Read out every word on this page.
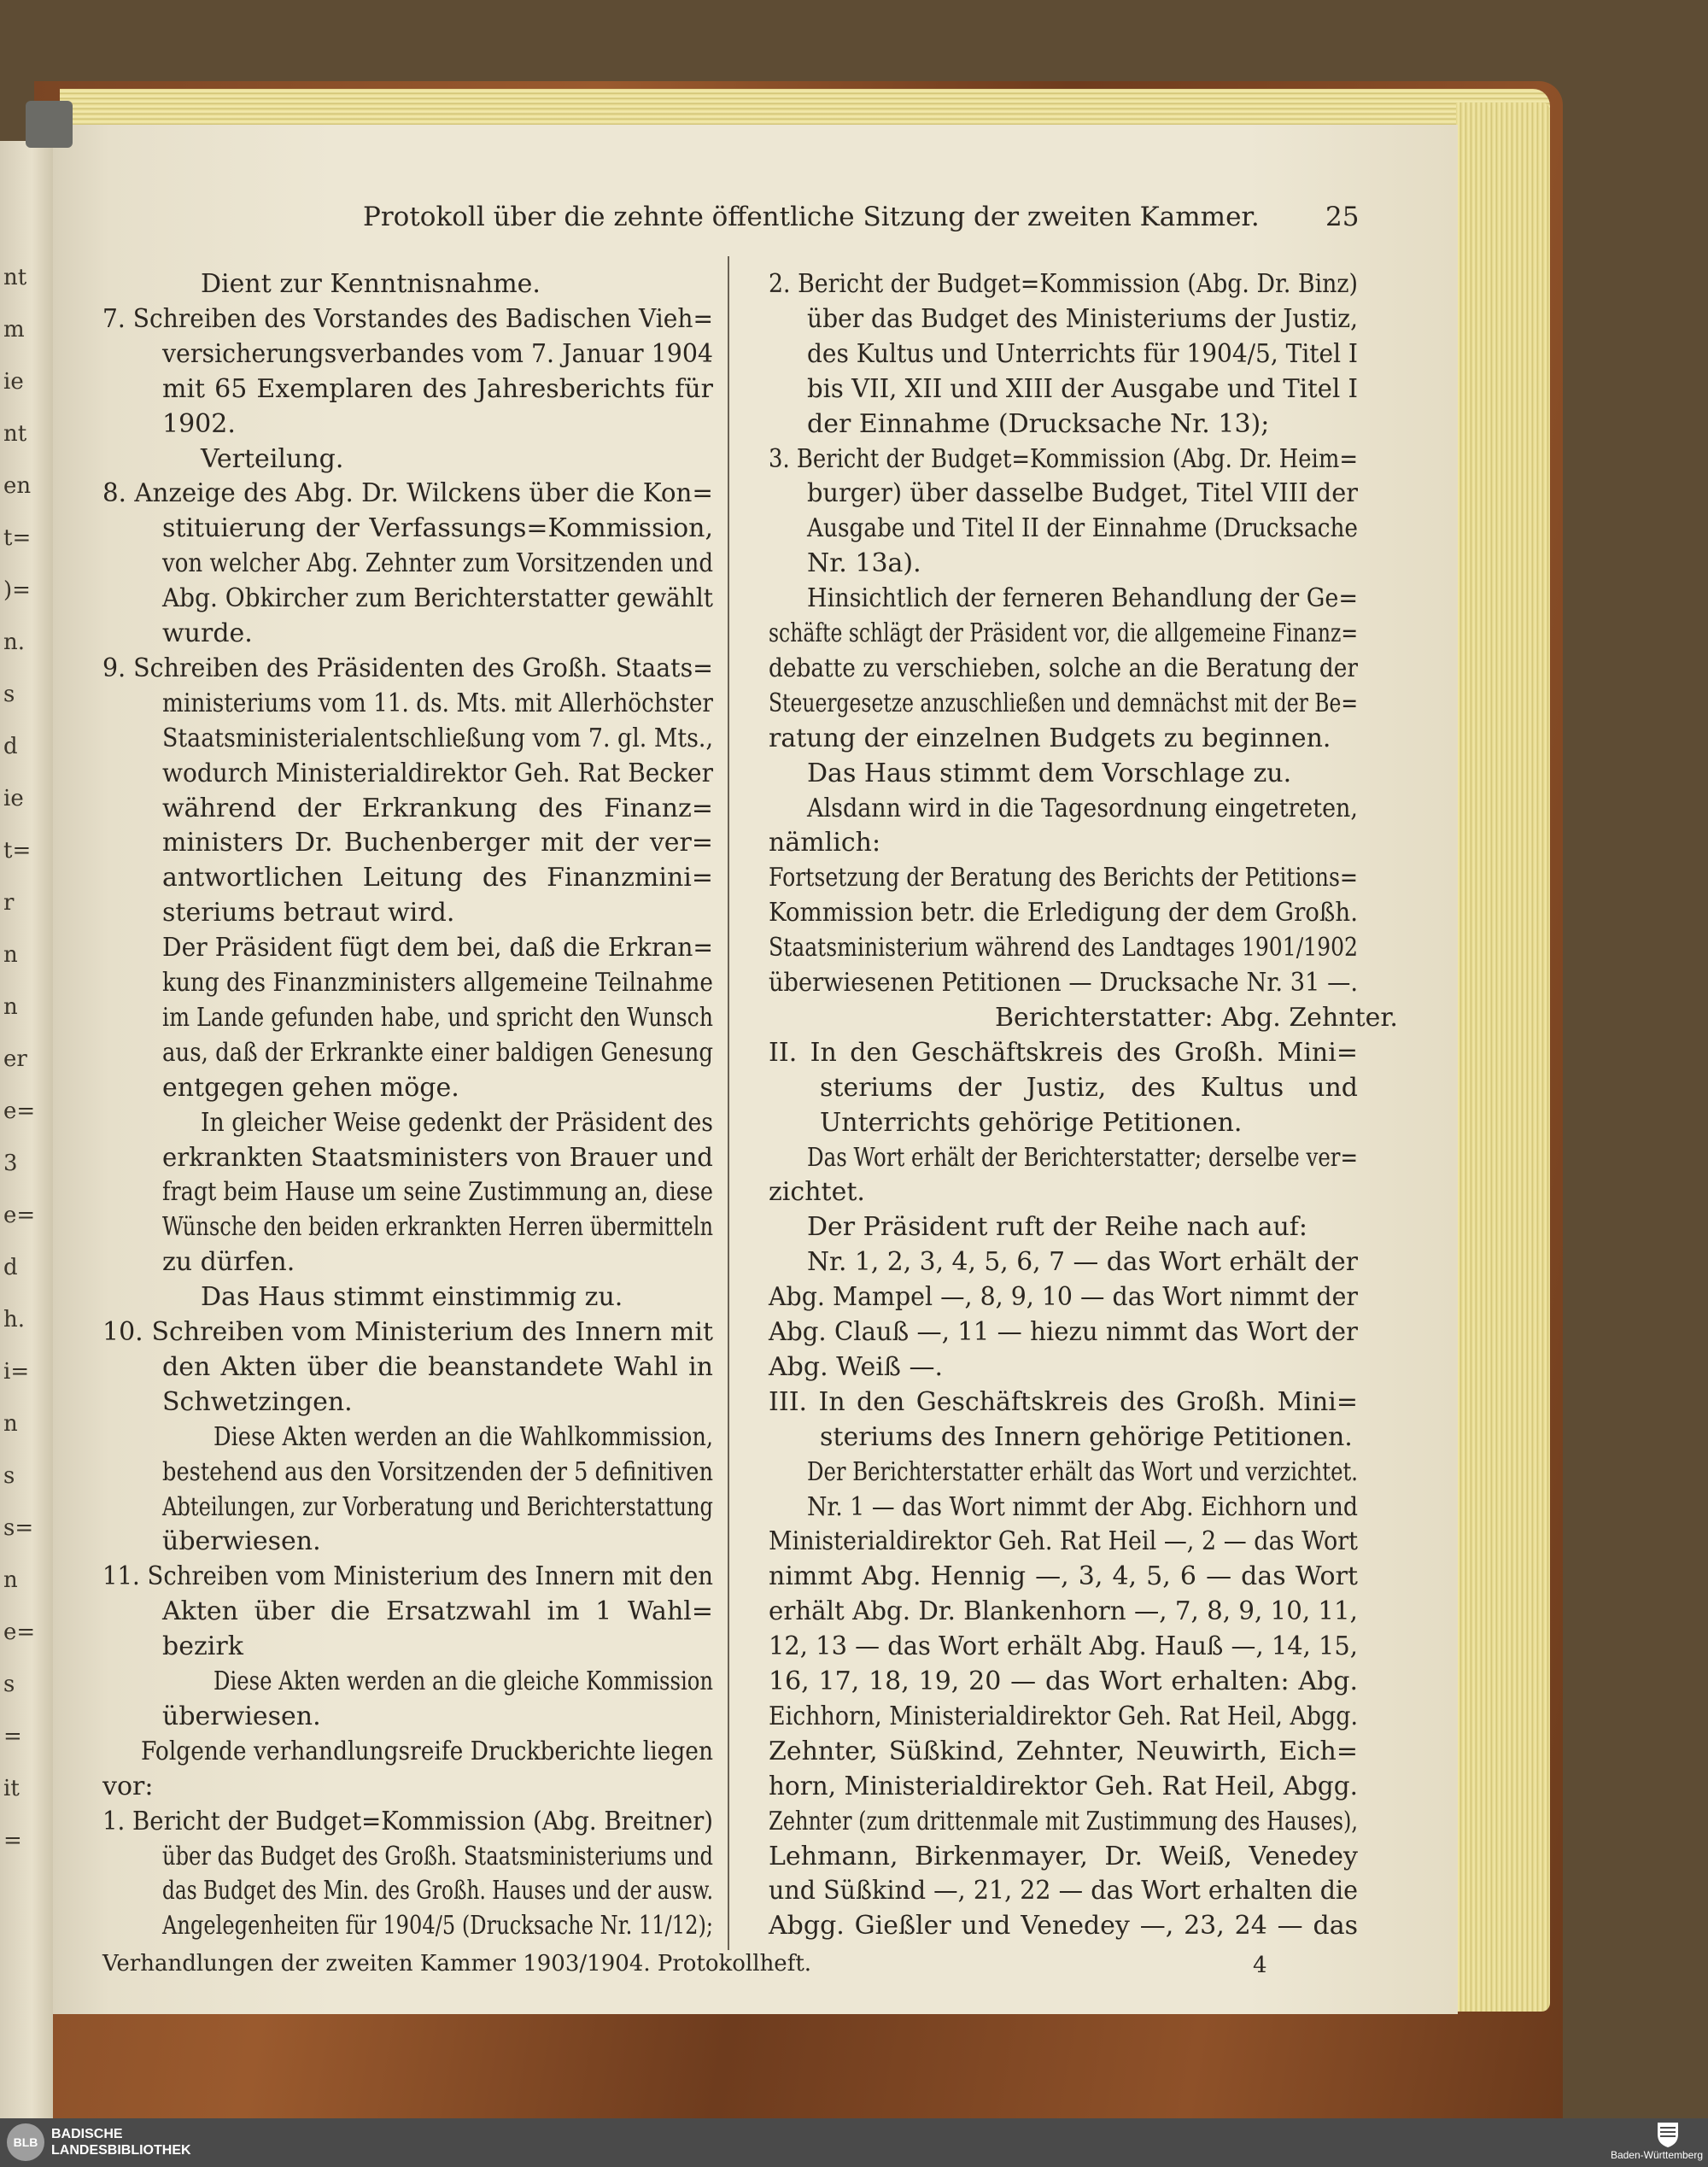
nt
m
ie
nt
en
t=
)=
n.
s
d
ie
t=
r
n
n
er
e=
3
e=
d
h.
i=
n
s
s=
n
e=
s
=
it
=
Protokoll über die zehnte öffentliche Sitzung der zweiten Kammer. 25
Dient zur Kenntnisnahme.
7. Schreiben des Vorstandes des Badischen Vieh=
versicherungsverbandes vom 7. Januar 1904
mit 65 Exemplaren des Jahresberichts für
1902.
Verteilung.
8. Anzeige des Abg. Dr. Wilckens über die Kon=
stituierung der Verfassungs=Kommission,
von welcher Abg. Zehnter zum Vorsitzenden und
Abg. Obkircher zum Berichterstatter gewählt
wurde.
9. Schreiben des Präsidenten des Großh. Staats=
ministeriums vom 11. ds. Mts. mit Allerhöchster
Staatsministerialentschließung vom 7. gl. Mts.,
wodurch Ministerialdirektor Geh. Rat Becker
während der Erkrankung des Finanz=
ministers Dr. Buchenberger mit der ver=
antwortlichen Leitung des Finanzmini=
steriums betraut wird.
Der Präsident fügt dem bei, daß die Erkran=
kung des Finanzministers allgemeine Teilnahme
im Lande gefunden habe, und spricht den Wunsch
aus, daß der Erkrankte einer baldigen Genesung
entgegen gehen möge.
In gleicher Weise gedenkt der Präsident des
erkrankten Staatsministers von Brauer und
fragt beim Hause um seine Zustimmung an, diese
Wünsche den beiden erkrankten Herren übermitteln
zu dürfen.
Das Haus stimmt einstimmig zu.
10. Schreiben vom Ministerium des Innern mit
den Akten über die beanstandete Wahl in
Schwetzingen.
Diese Akten werden an die Wahlkommission,
bestehend aus den Vorsitzenden der 5 definitiven
Abteilungen, zur Vorberatung und Berichterstattung
überwiesen.
11. Schreiben vom Ministerium des Innern mit den
Akten über die Ersatzwahl im 1 Wahl=
bezirk
Diese Akten werden an die gleiche Kommission
überwiesen.
Folgende verhandlungsreife Druckberichte liegen
vor:
1. Bericht der Budget=Kommission (Abg. Breitner)
über das Budget des Großh. Staatsministeriums und
das Budget des Min. des Großh. Hauses und der ausw.
Angelegenheiten für 1904/5 (Drucksache Nr. 11/12);
2. Bericht der Budget=Kommission (Abg. Dr. Binz)
über das Budget des Ministeriums der Justiz,
des Kultus und Unterrichts für 1904/5, Titel I
bis VII, XII und XIII der Ausgabe und Titel I
der Einnahme (Drucksache Nr. 13);
3. Bericht der Budget=Kommission (Abg. Dr. Heim=
burger) über dasselbe Budget, Titel VIII der
Ausgabe und Titel II der Einnahme (Drucksache
Nr. 13a).
Hinsichtlich der ferneren Behandlung der Ge=
schäfte schlägt der Präsident vor, die allgemeine Finanz=
debatte zu verschieben, solche an die Beratung der
Steuergesetze anzuschließen und demnächst mit der Be=
ratung der einzelnen Budgets zu beginnen.
Das Haus stimmt dem Vorschlage zu.
Alsdann wird in die Tagesordnung eingetreten,
nämlich:
Fortsetzung der Beratung des Berichts der Petitions=
Kommission betr. die Erledigung der dem Großh.
Staatsministerium während des Landtages 1901/1902
überwiesenen Petitionen — Drucksache Nr. 31 —.
Berichterstatter: Abg. Zehnter.
II. In den Geschäftskreis des Großh. Mini=
steriums der Justiz, des Kultus und
Unterrichts gehörige Petitionen.
Das Wort erhält der Berichterstatter; derselbe ver=
zichtet.
Der Präsident ruft der Reihe nach auf:
Nr. 1, 2, 3, 4, 5, 6, 7 — das Wort erhält der
Abg. Mampel —, 8, 9, 10 — das Wort nimmt der
Abg. Clauß —, 11 — hiezu nimmt das Wort der
Abg. Weiß —.
III. In den Geschäftskreis des Großh. Mini=
steriums des Innern gehörige Petitionen.
Der Berichterstatter erhält das Wort und verzichtet.
Nr. 1 — das Wort nimmt der Abg. Eichhorn und
Ministerialdirektor Geh. Rat Heil —, 2 — das Wort
nimmt Abg. Hennig —, 3, 4, 5, 6 — das Wort
erhält Abg. Dr. Blankenhorn —, 7, 8, 9, 10, 11,
12, 13 — das Wort erhält Abg. Hauß —, 14, 15,
16, 17, 18, 19, 20 — das Wort erhalten: Abg.
Eichhorn, Ministerialdirektor Geh. Rat Heil, Abgg.
Zehnter, Süßkind, Zehnter, Neuwirth, Eich=
horn, Ministerialdirektor Geh. Rat Heil, Abgg.
Zehnter (zum drittenmale mit Zustimmung des Hauses),
Lehmann, Birkenmayer, Dr. Weiß, Venedey
und Süßkind —, 21, 22 — das Wort erhalten die
Abgg. Gießler und Venedey —, 23, 24 — das
Verhandlungen der zweiten Kammer 1903/1904. Protokollheft.	4
BLB
BADISCHE
LANDESBIBLIOTHEK	Baden-Württemberg
